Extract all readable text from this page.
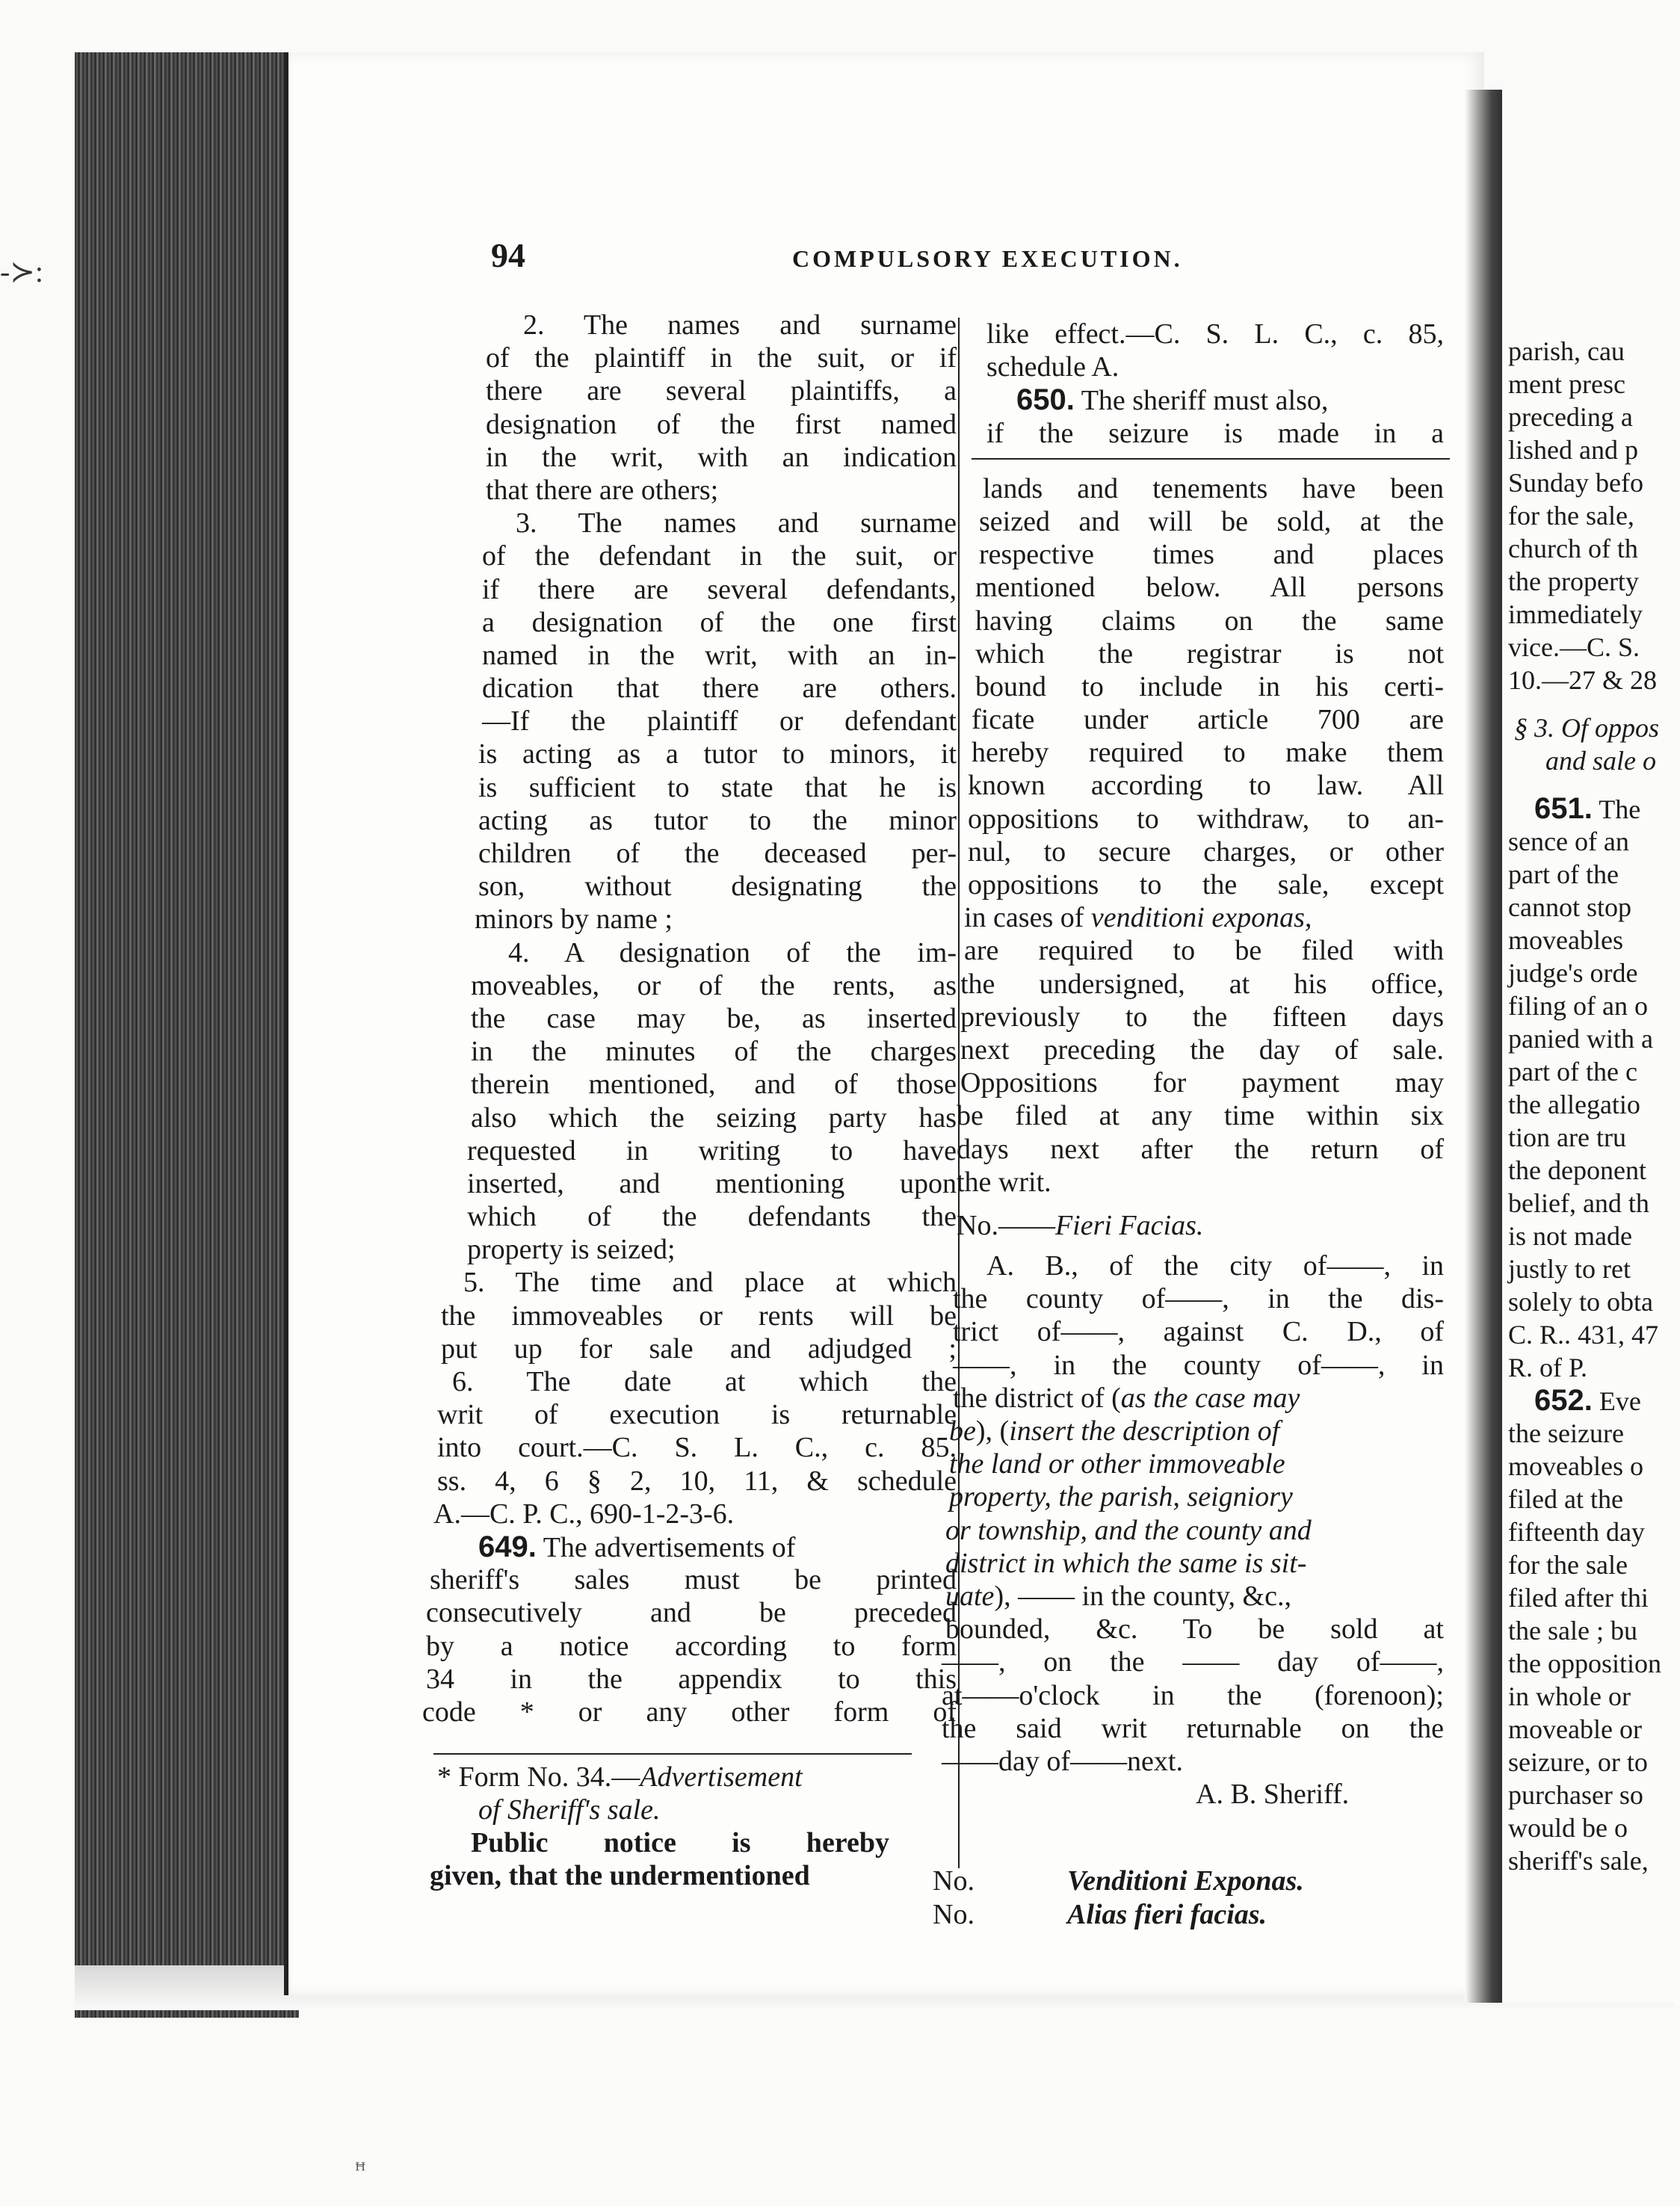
-≻:	94	COMPULSORY EXECUTION.
2. The names and surname
of the plaintiff in the suit, or if
there are several plaintiffs, a
designation of the first named
in the writ, with an indication
that there are others;
3. The names and surname
of the defendant in the suit, or
if there are several defendants,
a designation of the one first
named in the writ, with an in-
dication that there are others.
—If the plaintiff or defendant
is acting as a tutor to minors, it
is sufficient to state that he is
acting as tutor to the minor
children of the deceased per-
son, without designating the
minors by name ;
4. A designation of the im-
moveables, or of the rents, as
the case may be, as inserted
in the minutes of the charges
therein mentioned, and of those
also which the seizing party has
requested in writing to have
inserted, and mentioning upon
which of the defendants the
property is seized;
5. The time and place at which
the immoveables or rents will be
put up for sale and adjudged ;
6. The date at which the
writ of execution is returnable
into court.—C. S. L. C., c. 85.
ss. 4, 6 § 2, 10, 11, & schedule
A.—C. P. C., 690-1-2-3-6.
649. The advertisements of
sheriff's sales must be printed
consecutively and be preceded
by a notice according to form
34 in the appendix to this
code * or any other form of
* Form No. 34.—Advertisement
of Sheriff's sale.
Public notice is hereby
given, that the undermentioned
like effect.—C. S. L. C., c. 85,
schedule A.
650. The sheriff must also,
if the seizure is made in a
lands and tenements have been
seized and will be sold, at the
respective times and places
mentioned below. All persons
having claims on the same
which the registrar is not
bound to include in his certi-
ficate under article 700 are
hereby required to make them
known according to law. All
oppositions to withdraw, to an-
nul, to secure charges, or other
oppositions to the sale, except
in cases of venditioni exponas,
are required to be filed with
the undersigned, at his office,
previously to the fifteen days
next preceding the day of sale.
Oppositions for payment may
be filed at any time within six
days next after the return of
the writ.
No.——Fieri Facias.
A. B., of the city of——, in
the county of——, in the dis-
trict of——, against C. D., of
——, in the county of——, in
the district of (as the case may
be), (insert the description of
the land or other immoveable
property, the parish, seigniory
or township, and the county and
district in which the same is sit-
uate), —— in the county, &c.,
bounded, &c. To be sold at
——, on the —— day of——,
at——o'clock in the (forenoon);
the said writ returnable on the
——day of——next.
A. B. Sheriff.
No.	Venditioni Exponas.
No.	Alias fieri facias.
parish, cau
ment presc
preceding a
lished and p
Sunday befo
for the sale,
church of th
the property
immediately
vice.—C. S.
10.—27 & 28
§ 3. Of oppos
and sale o
651. The
sence of an
part of the
cannot stop
moveables
judge's orde
filing of an o
panied with a
part of the c
the allegatio
tion are tru
the deponent
belief, and th
is not made
justly to ret
solely to obta
C. R.. 431, 47
R. of P.
652. Eve
the seizure
moveables o
filed at the
fifteenth day
for the sale
filed after thi
the sale ; bu
the opposition
in whole or
moveable or
seizure, or to
purchaser so
would be o
sheriff's sale,
ꟸ
